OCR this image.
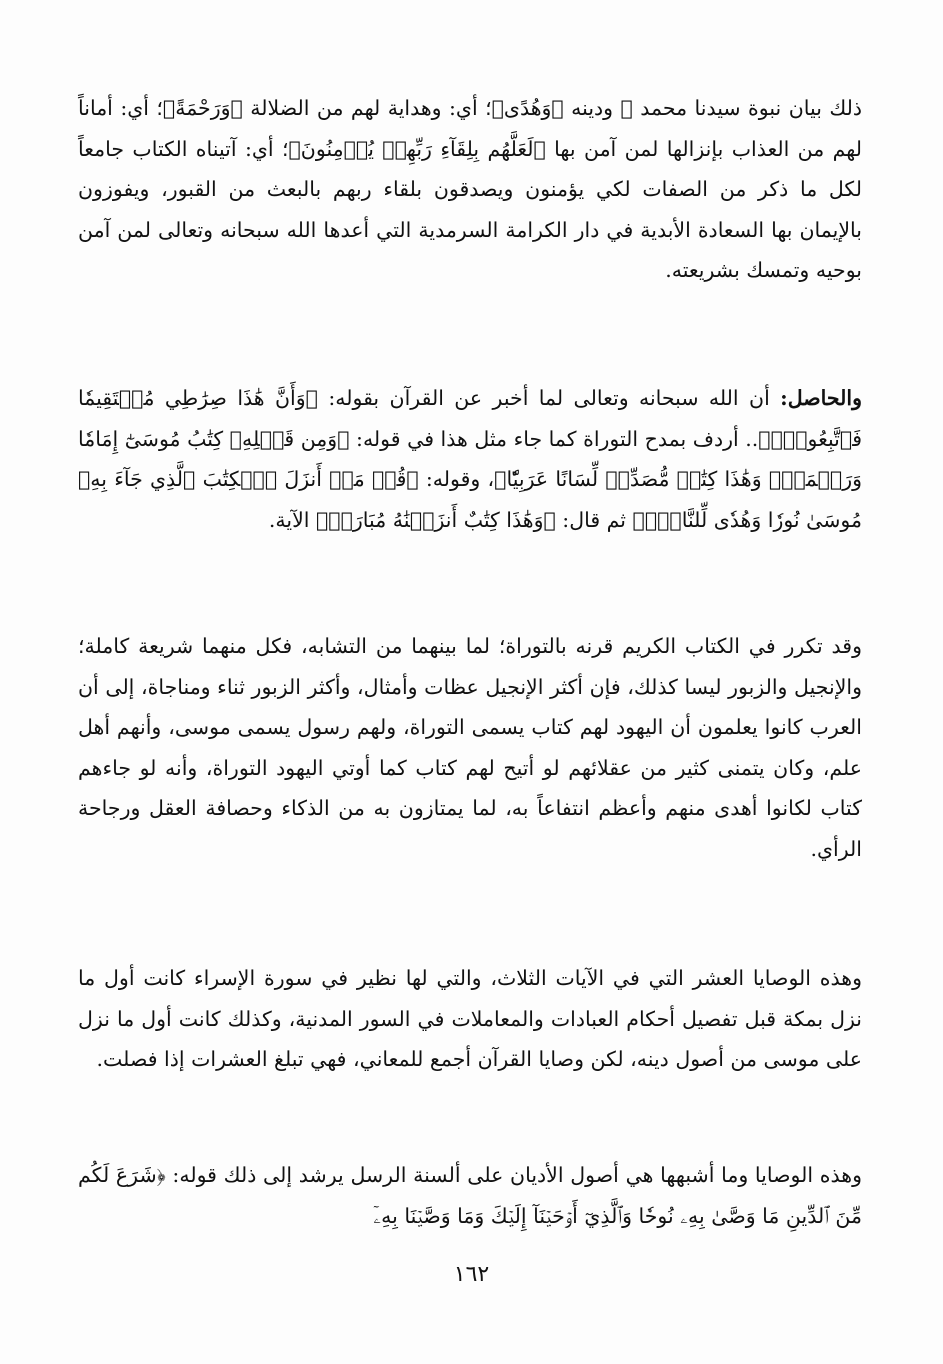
ذلك بيان نبوة سيدنا محمد ﷺ ودينه ﴿وَهُدًى﴾؛ أي: وهداية لهم من الضلالة ﴿وَرَحْمَةً﴾؛ أي: أماناً لهم من العذاب بإنزالها لمن آمن بها ﴿لَعَلَّهُم بِلِقَآءِ رَبِّهِمۡ يُؤۡمِنُونَ﴾؛ أي: آتيناه الكتاب جامعاً لكل ما ذكر من الصفات لكي يؤمنون ويصدقون بلقاء ربهم بالبعث من القبور، ويفوزون بالإيمان بها السعادة الأبدية في دار الكرامة السرمدية التي أعدها الله سبحانه وتعالى لمن آمن بوحيه وتمسك بشريعته.
والحاصل: أن الله سبحانه وتعالى لما أخبر عن القرآن بقوله: ﴿وَأَنَّ هَٰذَا صِرَٰطِي مُسۡتَقِيمٗا فَٱتَّبِعُوهُۖ﴾.. أردف بمدح التوراة كما جاء مثل هذا في قوله: ﴿وَمِن قَبۡلِهِۦ كِتَٰبُ مُوسَىٰٓ إِمَامٗا وَرَحۡمَةٗۚ وَهَٰذَا كِتَٰبٞ مُّصَدِّقٞ لِّسَانًا عَرَبِيّٗا﴾، وقوله: ﴿قُلۡ مَنۡ أَنزَلَ ٱلۡكِتَٰبَ ٱلَّذِي جَآءَ بِهِۦ مُوسَىٰ نُورٗا وَهُدٗى لِّلنَّاسِۖ﴾ ثم قال: ﴿وَهَٰذَا كِتَٰبٌ أَنزَلۡنَٰهُ مُبَارَكٞ﴾ الآية.
وقد تكرر في الكتاب الكريم قرنه بالتوراة؛ لما بينهما من التشابه، فكل منهما شريعة كاملة؛ والإنجيل والزبور ليسا كذلك، فإن أكثر الإنجيل عظات وأمثال، وأكثر الزبور ثناء ومناجاة، إلى أن العرب كانوا يعلمون أن اليهود لهم كتاب يسمى التوراة، ولهم رسول يسمى موسى، وأنهم أهل علم، وكان يتمنى كثير من عقلائهم لو أتيح لهم كتاب كما أوتي اليهود التوراة، وأنه لو جاءهم كتاب لكانوا أهدى منهم وأعظم انتفاعاً به، لما يمتازون به من الذكاء وحصافة العقل ورجاحة الرأي.
وهذه الوصايا العشر التي في الآيات الثلاث، والتي لها نظير في سورة الإسراء كانت أول ما نزل بمكة قبل تفصيل أحكام العبادات والمعاملات في السور المدنية، وكذلك كانت أول ما نزل على موسى من أصول دينه، لكن وصايا القرآن أجمع للمعاني، فهي تبلغ العشرات إذا فصلت.
وهذه الوصايا وما أشبهها هي أصول الأديان على ألسنة الرسل يرشد إلى ذلك قوله: ﴿شَرَعَ لَكُم مِّنَ ٱلدِّينِ مَا وَصَّىٰ بِهِۦ نُوحٗا وَٱلَّذِيٓ أَوۡحَيۡنَآ إِلَيۡكَ وَمَا وَصَّيۡنَا بِهِۦٓ
١٦٢
